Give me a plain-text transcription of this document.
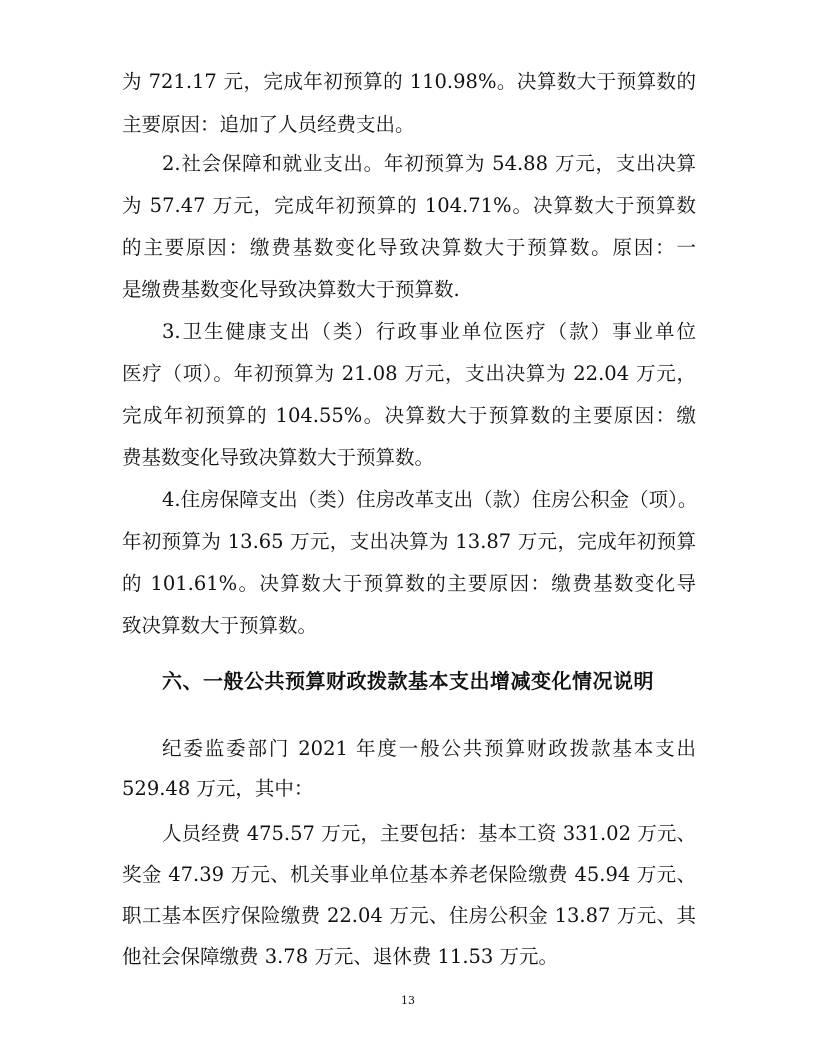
为 721.17 元，完成年初预算的 110.98%。决算数大于预算数的
主要原因：追加了人员经费支出。
2.社会保障和就业支出。年初预算为 54.88 万元，支出决算
为 57.47 万元，完成年初预算的 104.71%。决算数大于预算数
的主要原因：缴费基数变化导致决算数大于预算数。原因：一
是缴费基数变化导致决算数大于预算数.
3.卫生健康支出（类）行政事业单位医疗（款）事业单位
医疗（项）。年初预算为 21.08 万元，支出决算为 22.04 万元，
完成年初预算的 104.55%。决算数大于预算数的主要原因：缴
费基数变化导致决算数大于预算数。
4.住房保障支出（类）住房改革支出（款）住房公积金（项）。
年初预算为 13.65 万元，支出决算为 13.87 万元，完成年初预算
的 101.61%。决算数大于预算数的主要原因：缴费基数变化导
致决算数大于预算数。
六、一般公共预算财政拨款基本支出增减变化情况说明
纪委监委部门 2021 年度一般公共预算财政拨款基本支出
529.48 万元，其中：
人员经费 475.57 万元，主要包括：基本工资 331.02 万元、
奖金 47.39 万元、机关事业单位基本养老保险缴费 45.94 万元、
职工基本医疗保险缴费 22.04 万元、住房公积金 13.87 万元、其
他社会保障缴费 3.78 万元、退休费 11.53 万元。
13
